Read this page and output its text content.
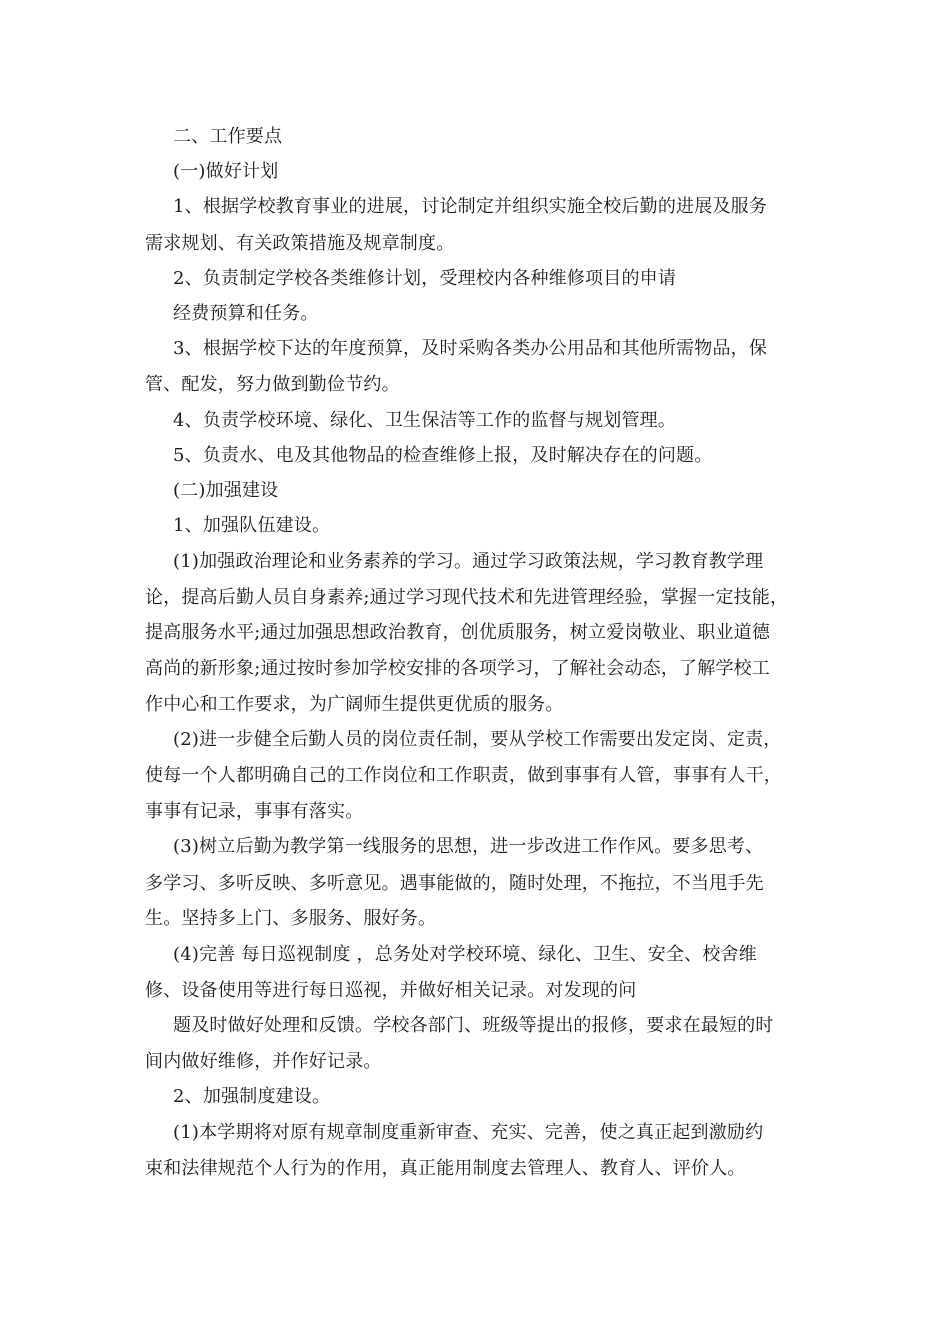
二、工作要点
(一)做好计划
1、根据学校教育事业的进展，讨论制定并组织实施全校后勤的进展及服务
需求规划、有关政策措施及规章制度。
2、负责制定学校各类维修计划，受理校内各种维修项目的申请
经费预算和任务。
3、根据学校下达的年度预算，及时采购各类办公用品和其他所需物品，保
管、配发，努力做到勤俭节约。
4、负责学校环境、绿化、卫生保洁等工作的监督与规划管理。
5、负责水、电及其他物品的检查维修上报，及时解决存在的问题。
(二)加强建设
1、加强队伍建设。
(1)加强政治理论和业务素养的学习。通过学习政策法规，学习教育教学理
论，提高后勤人员自身素养;通过学习现代技术和先进管理经验，掌握一定技能，
提高服务水平;通过加强思想政治教育，创优质服务，树立爱岗敬业、职业道德
高尚的新形象;通过按时参加学校安排的各项学习，了解社会动态，了解学校工
作中心和工作要求，为广阔师生提供更优质的服务。
(2)进一步健全后勤人员的岗位责任制，要从学校工作需要出发定岗、定责，
使每一个人都明确自己的工作岗位和工作职责，做到事事有人管，事事有人干，
事事有记录，事事有落实。
(3)树立后勤为教学第一线服务的思想，进一步改进工作作风。要多思考、
多学习、多听反映、多听意见。遇事能做的，随时处理，不拖拉，不当甩手先
生。坚持多上门、多服务、服好务。
(4)完善 每日巡视制度 ，总务处对学校环境、绿化、卫生、安全、校舍维
修、设备使用等进行每日巡视，并做好相关记录。对发现的问
题及时做好处理和反馈。学校各部门、班级等提出的报修，要求在最短的时
间内做好维修，并作好记录。
2、加强制度建设。
(1)本学期将对原有规章制度重新审查、充实、完善，使之真正起到激励约
束和法律规范个人行为的作用，真正能用制度去管理人、教育人、评价人。
